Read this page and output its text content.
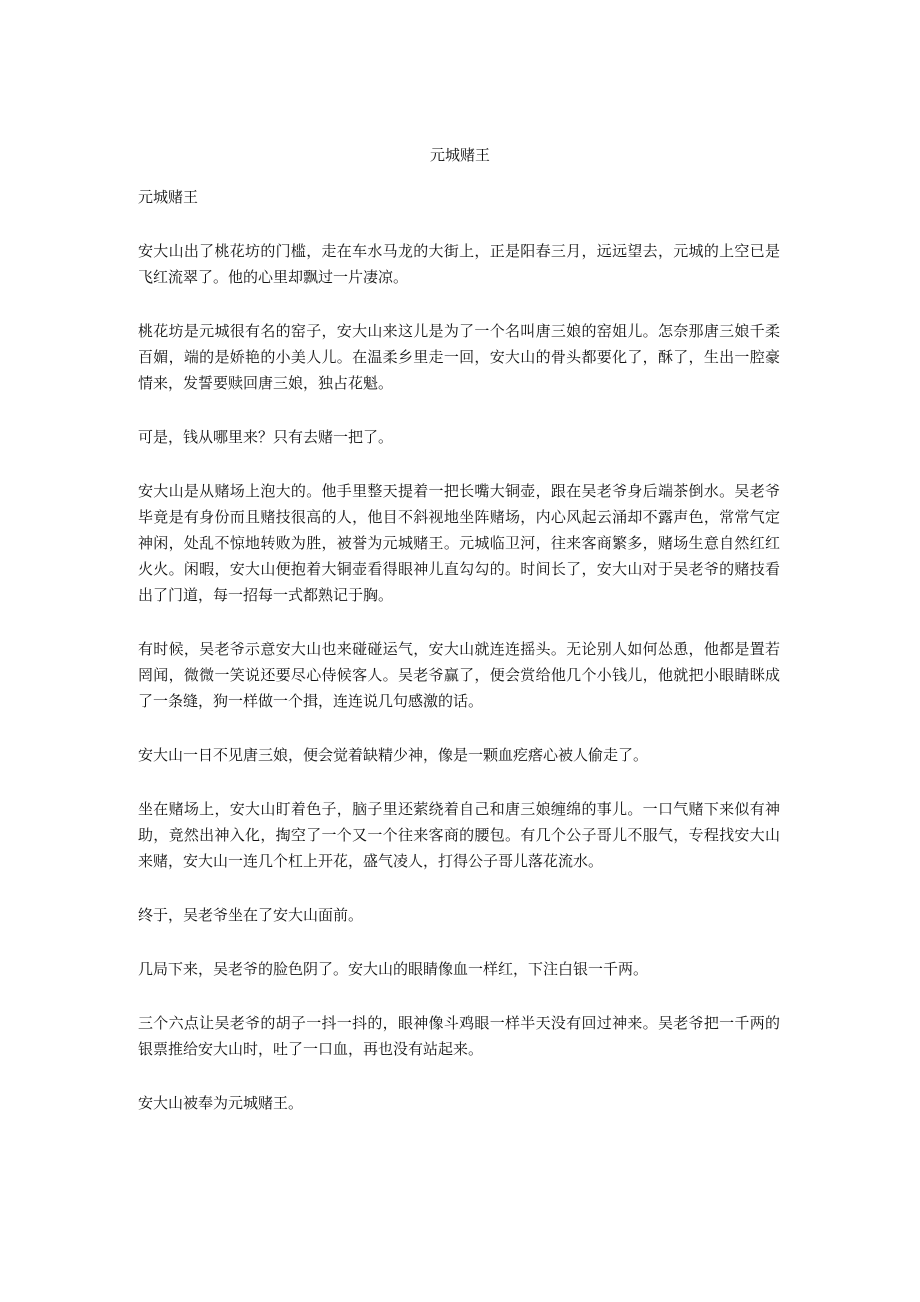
元城赌王

元城赌王

安大山出了桃花坊的门槛，走在车水马龙的大街上，正是阳春三月，远远望去，元城的上空已是飞红流翠了。他的心里却飘过一片凄凉。

桃花坊是元城很有名的窑子，安大山来这儿是为了一个名叫唐三娘的窑姐儿。怎奈那唐三娘千柔百媚，端的是娇艳的小美人儿。在温柔乡里走一回，安大山的骨头都要化了，酥了，生出一腔豪情来，发誓要赎回唐三娘，独占花魁。

可是，钱从哪里来？只有去赌一把了。

安大山是从赌场上泡大的。他手里整天提着一把长嘴大铜壶，跟在吴老爷身后端茶倒水。吴老爷毕竟是有身份而且赌技很高的人，他目不斜视地坐阵赌场，内心风起云涌却不露声色，常常气定神闲，处乱不惊地转败为胜，被誉为元城赌王。元城临卫河，往来客商繁多，赌场生意自然红红火火。闲暇，安大山便抱着大铜壶看得眼神儿直勾勾的。时间长了，安大山对于吴老爷的赌技看出了门道，每一招每一式都熟记于胸。

有时候，吴老爷示意安大山也来碰碰运气，安大山就连连摇头。无论别人如何怂恿，他都是置若罔闻，微微一笑说还要尽心侍候客人。吴老爷赢了，便会赏给他几个小钱儿，他就把小眼睛眯成了一条缝，狗一样做一个揖，连连说几句感激的话。

安大山一日不见唐三娘，便会觉着缺精少神，像是一颗血疙瘩心被人偷走了。

坐在赌场上，安大山盯着色子，脑子里还萦绕着自己和唐三娘缠绵的事儿。一口气赌下来似有神助，竟然出神入化，掏空了一个又一个往来客商的腰包。有几个公子哥儿不服气，专程找安大山来赌，安大山一连几个杠上开花，盛气凌人，打得公子哥儿落花流水。

终于，吴老爷坐在了安大山面前。

几局下来，吴老爷的脸色阴了。安大山的眼睛像血一样红，下注白银一千两。

三个六点让吴老爷的胡子一抖一抖的，眼神像斗鸡眼一样半天没有回过神来。吴老爷把一千两的银票推给安大山时，吐了一口血，再也没有站起来。

安大山被奉为元城赌王。
